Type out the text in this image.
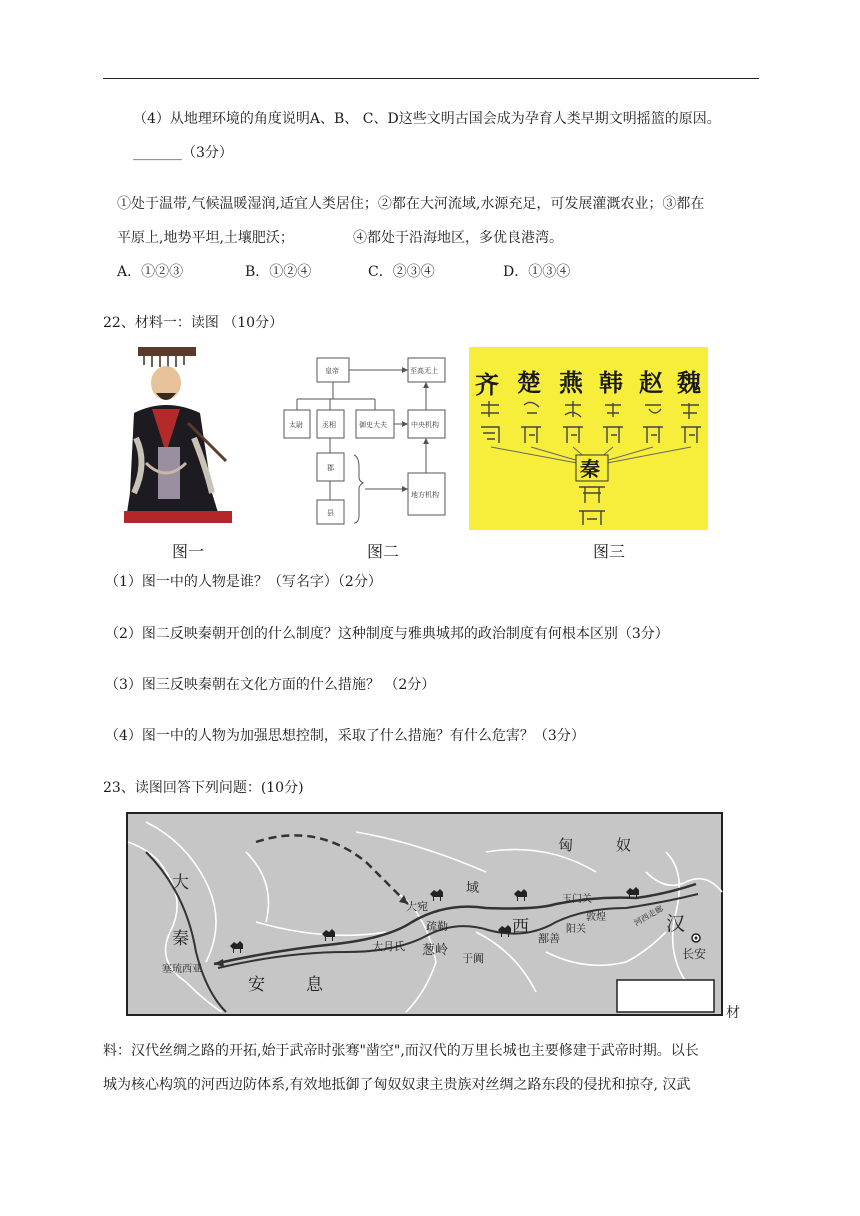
（4）从地理环境的角度说明A、B、 C、D这些文明古国会成为孕育人类早期文明摇篮的原因。
_______（3分）
①处于温带,气候温暖湿润,适宜人类居住；②都在大河流域,水源充足，可发展灌溉农业；③都在
平原上,地势平坦,土壤肥沃；	④都处于沿海地区，多优良港湾。
A．①②③	B．①②④	C．②③④	D．①③④
22、材料一：读图 （10分）
皇帝	至高无上
太尉	丞相	御史大夫	中央机构
郡
县
地方机构
齐 楚 燕 韩 赵 魏
秦
图一	图二	图三
（1）图一中的人物是谁？（写名字）（2分）
（2）图二反映秦朝开创的什么制度？这种制度与雅典城邦的政治制度有何根本区别（3分）
（3）图三反映秦朝在文化方面的什么措施？ （2分）
（4）图一中的人物为加强思想控制，采取了什么措施？有什么危害？（3分）
23、读图回答下列问题：(10分)
匈	奴
大
秦
塞琉西亚
安 息
大月氏
大宛
疏勒
葱岭
于阗
西
鄯善
玉门关
敦煌
阳关
河西走廊 汉
长安
域
材
料：汉代丝绸之路的开拓,始于武帝时张骞"凿空",而汉代的万里长城也主要修建于武帝时期。以长
城为核心构筑的河西边防体系,有效地抵御了匈奴奴隶主贵族对丝绸之路东段的侵扰和掠夺, 汉武
